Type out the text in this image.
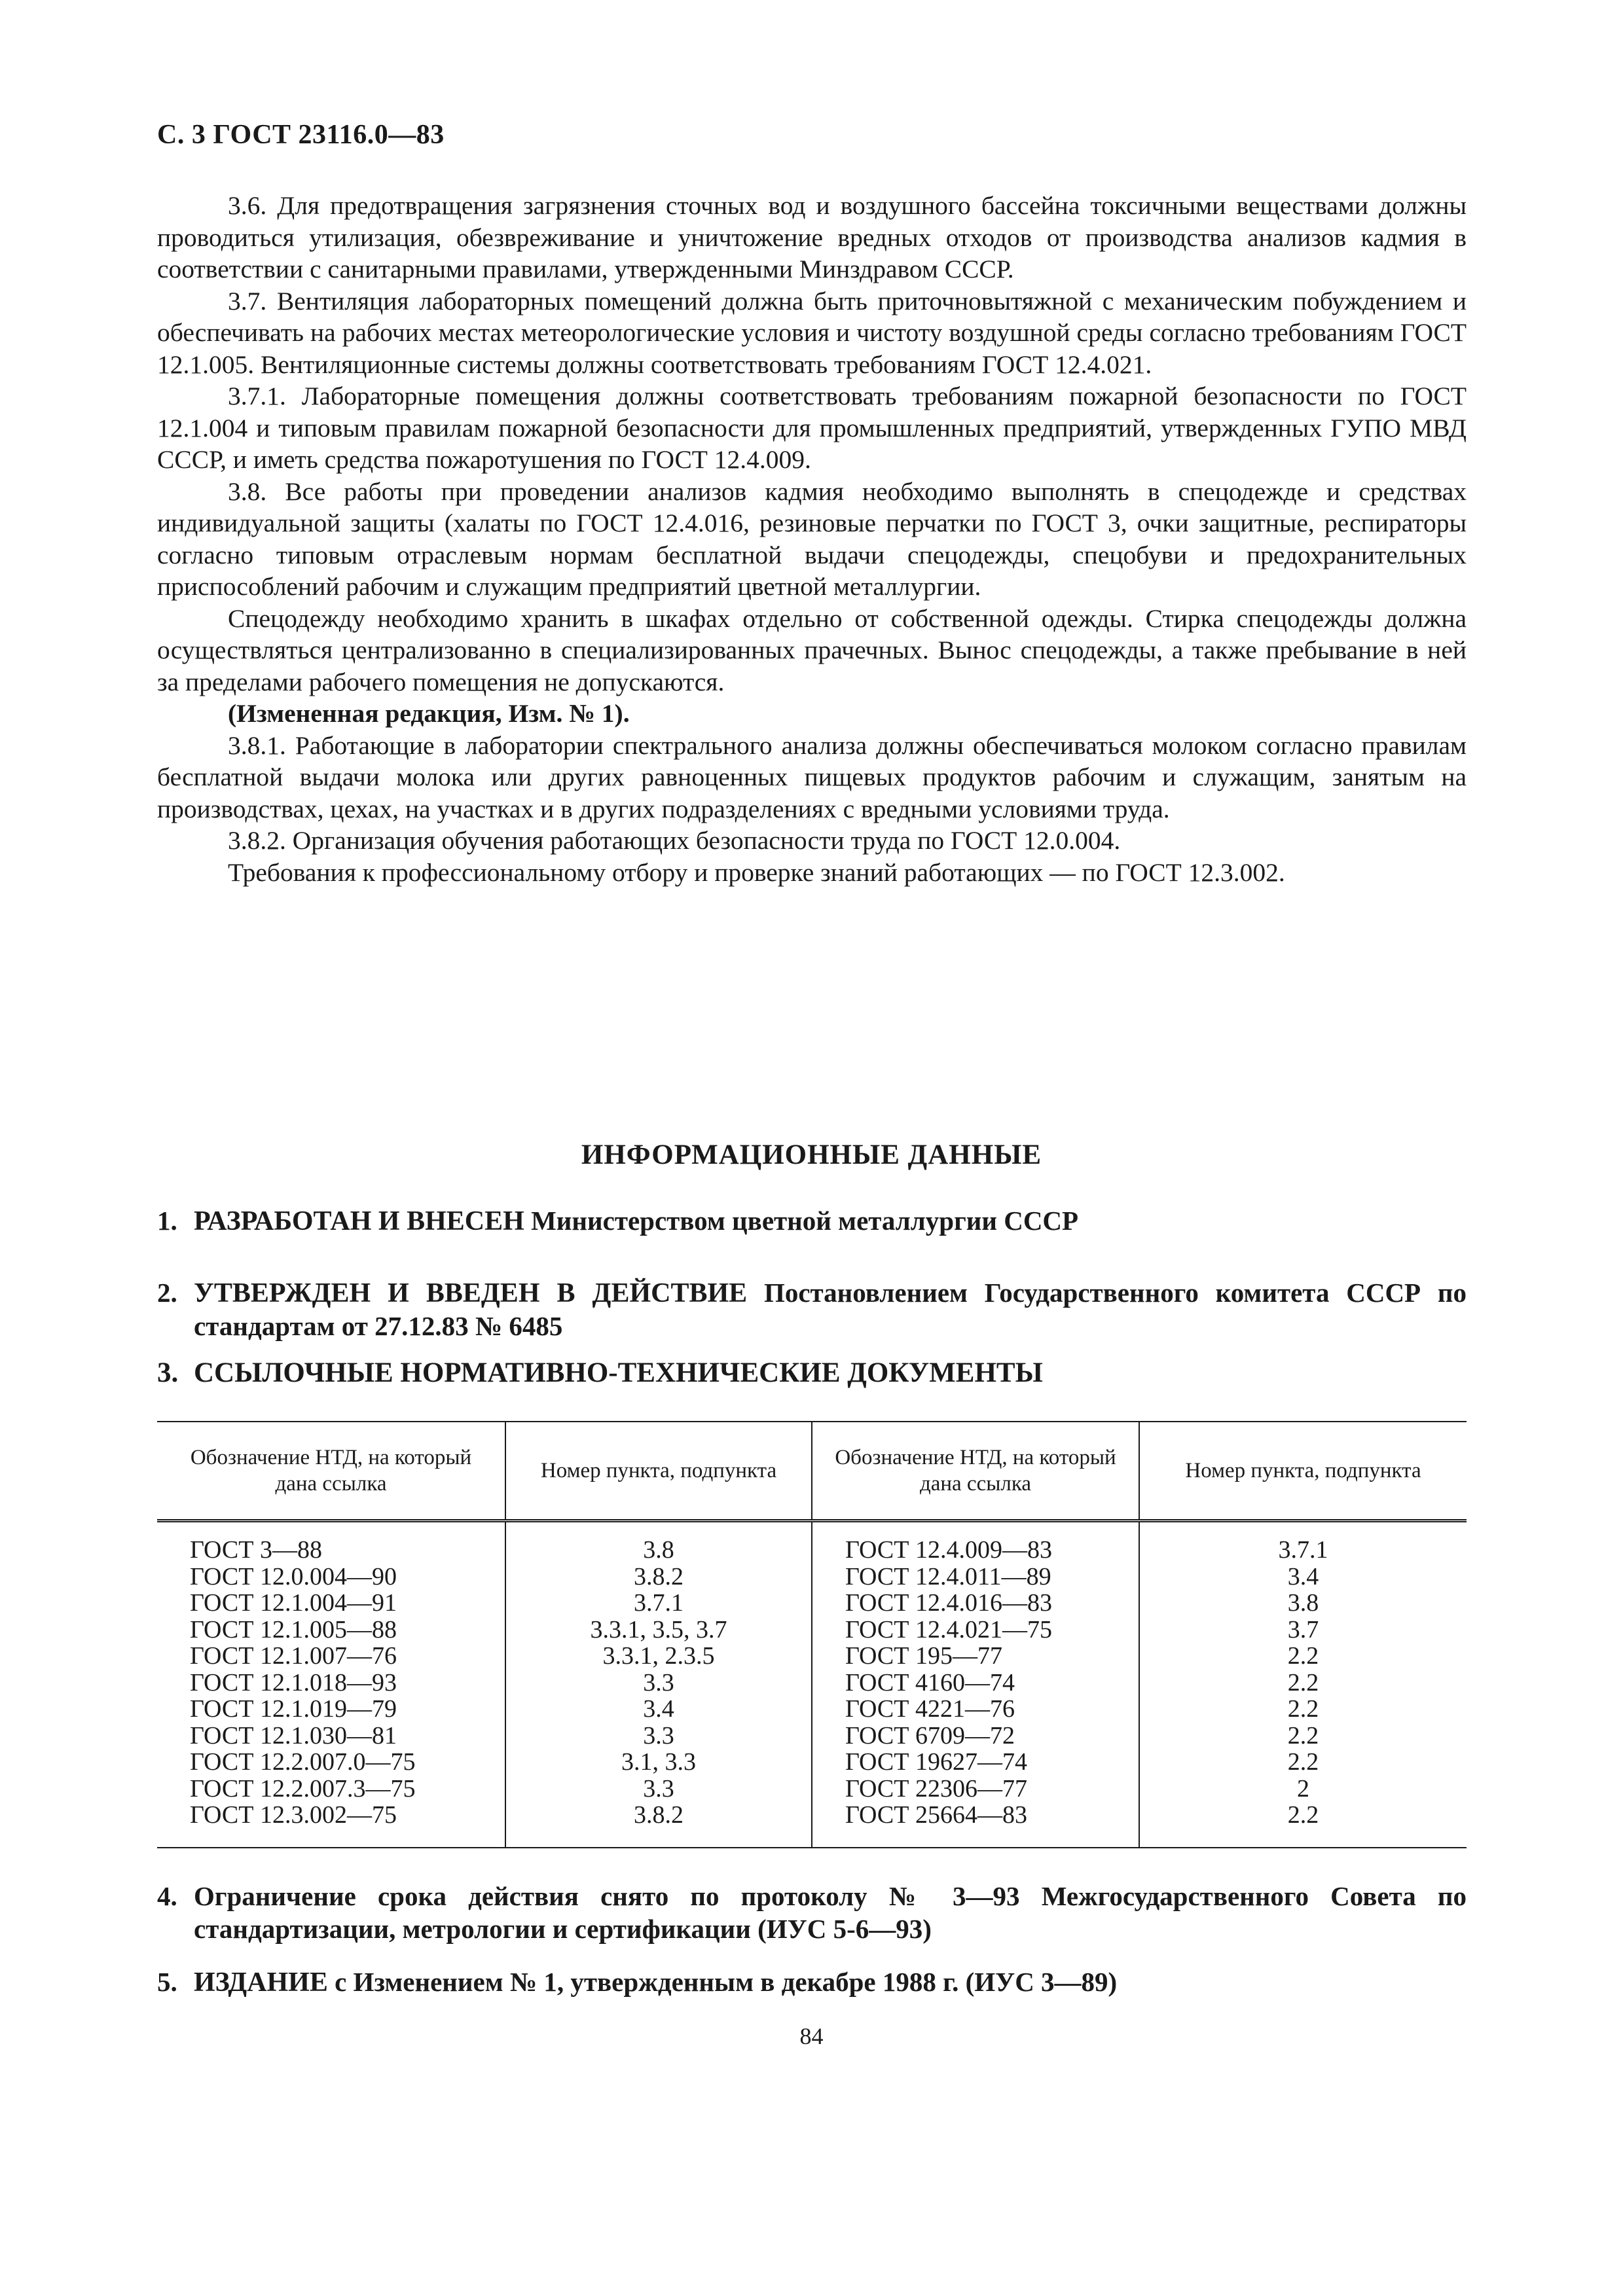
С. 3 ГОСТ 23116.0—83

3.6. Для предотвращения загрязнения сточных вод и воздушного бассейна токсичными веществами должны проводиться утилизация, обезвреживание и уничтожение вредных отходов от производства анализов кадмия в соответствии с санитарными правилами, утвержденными Минздравом СССР.

3.7. Вентиляция лабораторных помещений должна быть приточновытяжной с механическим побуждением и обеспечивать на рабочих местах метеорологические условия и чистоту воздушной среды согласно требованиям ГОСТ 12.1.005. Вентиляционные системы должны соответствовать требованиям ГОСТ 12.4.021.

3.7.1. Лабораторные помещения должны соответствовать требованиям пожарной безопасности по ГОСТ 12.1.004 и типовым правилам пожарной безопасности для промышленных предприятий, утвержденных ГУПО МВД СССР, и иметь средства пожаротушения по ГОСТ 12.4.009.

3.8. Все работы при проведении анализов кадмия необходимо выполнять в спецодежде и средствах индивидуальной защиты (халаты по ГОСТ 12.4.016, резиновые перчатки по ГОСТ 3, очки защитные, респираторы согласно типовым отраслевым нормам бесплатной выдачи спецодежды, спецобуви и предохранительных приспособлений рабочим и служащим предприятий цветной металлургии.

Спецодежду необходимо хранить в шкафах отдельно от собственной одежды. Стирка спецодежды должна осуществляться централизованно в специализированных прачечных. Вынос спецодежды, а также пребывание в ней за пределами рабочего помещения не допускаются.

(Измененная редакция, Изм. № 1).

3.8.1. Работающие в лаборатории спектрального анализа должны обеспечиваться молоком согласно правилам бесплатной выдачи молока или других равноценных пищевых продуктов рабочим и служащим, занятым на производствах, цехах, на участках и в других подразделениях с вредными условиями труда.

3.8.2. Организация обучения работающих безопасности труда по ГОСТ 12.0.004.

Требования к профессиональному отбору и проверке знаний работающих — по ГОСТ 12.3.002.

ИНФОРМАЦИОННЫЕ ДАННЫЕ
1. РАЗРАБОТАН И ВНЕСЕН Министерством цветной металлургии СССР
2. УТВЕРЖДЕН И ВВЕДЕН В ДЕЙСТВИЕ Постановлением Государственного комитета СССР по стандартам от 27.12.83 № 6485
3. ССЫЛОЧНЫЕ НОРМАТИВНО-ТЕХНИЧЕСКИЕ ДОКУМЕНТЫ
Обозначение НТД, на который дана ссылка	Номер пункта, подпункта	Обозначение НТД, на который дана ссылка	Номер пункта, подпункта
ГОСТ 3—88	3.8	ГОСТ 12.4.009—83	3.7.1
ГОСТ 12.0.004—90	3.8.2	ГОСТ 12.4.011—89	3.4
ГОСТ 12.1.004—91	3.7.1	ГОСТ 12.4.016—83	3.8
ГОСТ 12.1.005—88	3.3.1, 3.5, 3.7	ГОСТ 12.4.021—75	3.7
ГОСТ 12.1.007—76	3.3.1, 2.3.5	ГОСТ 195—77	2.2
ГОСТ 12.1.018—93	3.3	ГОСТ 4160—74	2.2
ГОСТ 12.1.019—79	3.4	ГОСТ 4221—76	2.2
ГОСТ 12.1.030—81	3.3	ГОСТ 6709—72	2.2
ГОСТ 12.2.007.0—75	3.1, 3.3	ГОСТ 19627—74	2.2
ГОСТ 12.2.007.3—75	3.3	ГОСТ 22306—77	2
ГОСТ 12.3.002—75	3.8.2	ГОСТ 25664—83	2.2
4. Ограничение срока действия снято по протоколу № 3—93 Межгосударственного Совета по стандартизации, метрологии и сертификации (ИУС 5-6—93)
5. ИЗДАНИЕ с Изменением № 1, утвержденным в декабре 1988 г. (ИУС 3—89)
84
